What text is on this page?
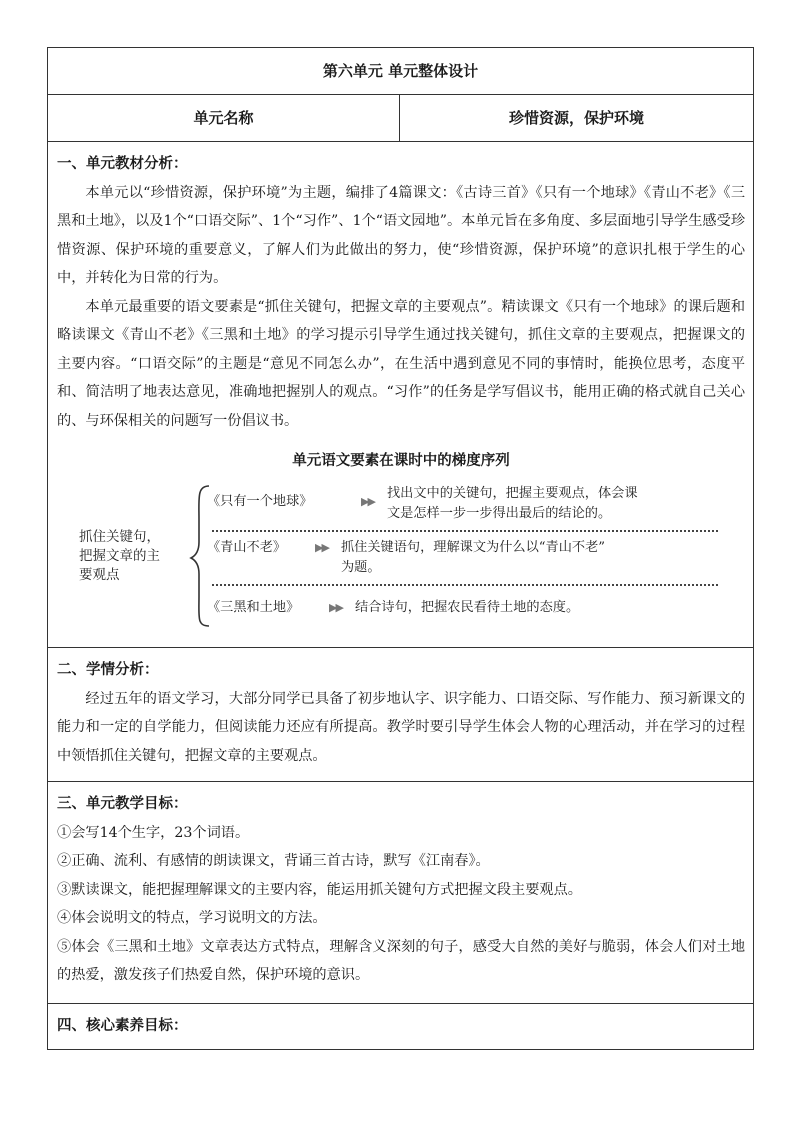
第六单元 单元整体设计
单元名称	珍惜资源，保护环境

一、单元教材分析：

本单元以“珍惜资源，保护环境”为主题，编排了4篇课文：《古诗三首》《只有一个地球》《青山不老》《三黑和土地》，以及1个“口语交际”、1个“习作”、1个“语文园地”。本单元旨在多角度、多层面地引导学生感受珍惜资源、保护环境的重要意义，了解人们为此做出的努力，使“珍惜资源，保护环境”的意识扎根于学生的心中，并转化为日常的行为。

本单元最重要的语文要素是“抓住关键句，把握文章的主要观点”。精读课文《只有一个地球》的课后题和略读课文《青山不老》《三黑和土地》的学习提示引导学生通过找关键句，抓住文章的主要观点，把握课文的主要内容。“口语交际”的主题是“意见不同怎么办”，在生活中遇到意见不同的事情时，能换位思考，态度平和、简洁明了地表达意见，准确地把握别人的观点。“习作”的任务是学写倡议书，能用正确的格式就自己关心的、与环保相关的问题写一份倡议书。

单元语文要素在课时中的梯度序列
抓住关键句，
把握文章的主
要观点
《只有一个地球》	▶▶
找出文中的关键句，把握主要观点，体会课
文是怎样一步一步得出最后的结论的。
《青山不老》	▶▶ 抓住关键语句，理解课文为什么以“青山不老”
为题。
《三黑和土地》	▶▶ 结合诗句，把握农民看待土地的态度。

二、学情分析：

经过五年的语文学习，大部分同学已具备了初步地认字、识字能力、口语交际、写作能力、预习新课文的能力和一定的自学能力，但阅读能力还应有所提高。教学时要引导学生体会人物的心理活动，并在学习的过程中领悟抓住关键句，把握文章的主要观点。

三、单元教学目标：

①会写14个生字，23个词语。

②正确、流利、有感情的朗读课文，背诵三首古诗，默写《江南春》。

③默读课文，能把握理解课文的主要内容，能运用抓关键句方式把握文段主要观点。

④体会说明文的特点，学习说明文的方法。

⑤体会《三黑和土地》文章表达方式特点，理解含义深刻的句子，感受大自然的美好与脆弱，体会人们对土地的热爱，激发孩子们热爱自然，保护环境的意识。

四、核心素养目标：
